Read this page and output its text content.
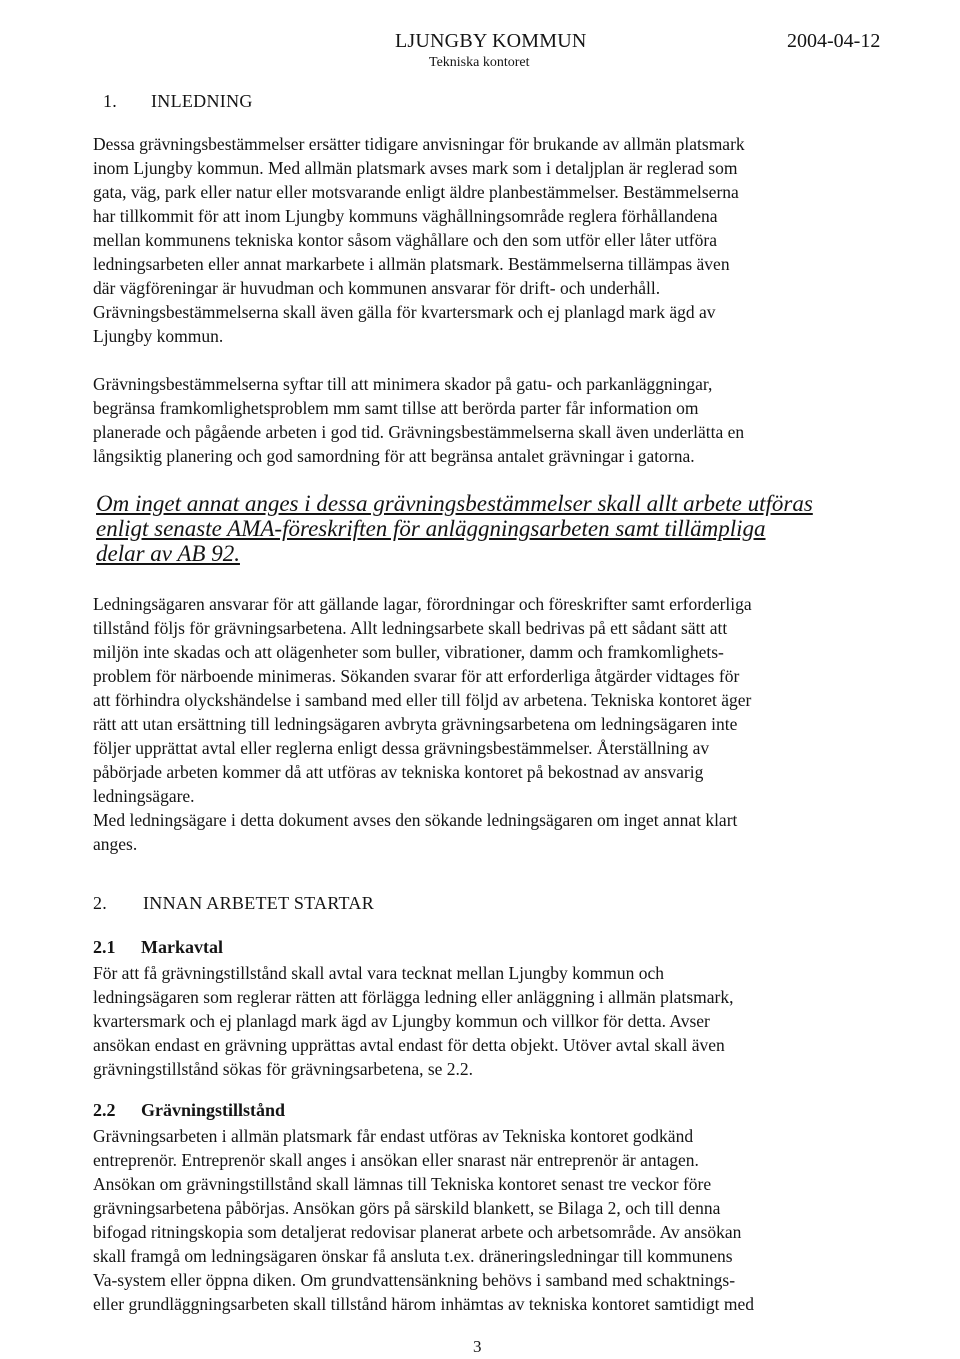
LJUNGBY KOMMUN
Tekniska kontoret
2004-04-12
1. INLEDNING
Dessa grävningsbestämmelser ersätter tidigare anvisningar för brukande av allmän platsmark
inom Ljungby kommun. Med allmän platsmark avses mark som i detaljplan är reglerad som
gata, väg, park eller natur eller motsvarande enligt äldre planbestämmelser. Bestämmelserna
har tillkommit för att inom Ljungby kommuns väghållningsområde reglera förhållandena
mellan kommunens tekniska kontor såsom väghållare och den som utför eller låter utföra
ledningsarbeten eller annat markarbete i allmän platsmark. Bestämmelserna tillämpas även
där vägföreningar är huvudman och kommunen ansvarar för drift- och underhåll.
Grävningsbestämmelserna skall även gälla för kvartersmark och ej planlagd mark ägd av
Ljungby kommun.
Grävningsbestämmelserna syftar till att minimera skador på gatu- och parkanläggningar,
begränsa framkomlighetsproblem mm samt tillse att berörda parter får information om
planerade och pågående arbeten i god tid. Grävningsbestämmelserna skall även underlätta en
långsiktig planering och god samordning för att begränsa antalet grävningar i gatorna.
Om inget annat anges i dessa grävningsbestämmelser skall allt arbete utföras
enligt senaste AMA-föreskriften för anläggningsarbeten samt tillämpliga
delar av AB 92.
Ledningsägaren ansvarar för att gällande lagar, förordningar och föreskrifter samt erforderliga
tillstånd följs för grävningsarbetena. Allt ledningsarbete skall bedrivas på ett sådant sätt att
miljön inte skadas och att olägenheter som buller, vibrationer, damm och framkomlighets-
problem för närboende minimeras. Sökanden svarar för att erforderliga åtgärder vidtages för
att förhindra olyckshändelse i samband med eller till följd av arbetena. Tekniska kontoret äger
rätt att utan ersättning till ledningsägaren avbryta grävningsarbetena om ledningsägaren inte
följer upprättat avtal eller reglerna enligt dessa grävningsbestämmelser. Återställning av
påbörjade arbeten kommer då att utföras av tekniska kontoret på bekostnad av ansvarig
ledningsägare.
Med ledningsägare i detta dokument avses den sökande ledningsägaren om inget annat klart
anges.
2. INNAN ARBETET STARTAR
2.1 Markavtal
För att få grävningstillstånd skall avtal vara tecknat mellan Ljungby kommun och
ledningsägaren som reglerar rätten att förlägga ledning eller anläggning i allmän platsmark,
kvartersmark och ej planlagd mark ägd av Ljungby kommun och villkor för detta. Avser
ansökan endast en grävning upprättas avtal endast för detta objekt. Utöver avtal skall även
grävningstillstånd sökas för grävningsarbetena, se 2.2.
2.2 Grävningstillstånd
Grävningsarbeten i allmän platsmark får endast utföras av Tekniska kontoret godkänd
entreprenör. Entreprenör skall anges i ansökan eller snarast när entreprenör är antagen.
Ansökan om grävningstillstånd skall lämnas till Tekniska kontoret senast tre veckor före
grävningsarbetena påbörjas. Ansökan görs på särskild blankett, se Bilaga 2, och till denna
bifogad ritningskopia som detaljerat redovisar planerat arbete och arbetsområde. Av ansökan
skall framgå om ledningsägaren önskar få ansluta t.ex. dräneringsledningar till kommunens
Va-system eller öppna diken. Om grundvattensänkning behövs i samband med schaktnings-
eller grundläggningsarbeten skall tillstånd härom inhämtas av tekniska kontoret samtidigt med
3
